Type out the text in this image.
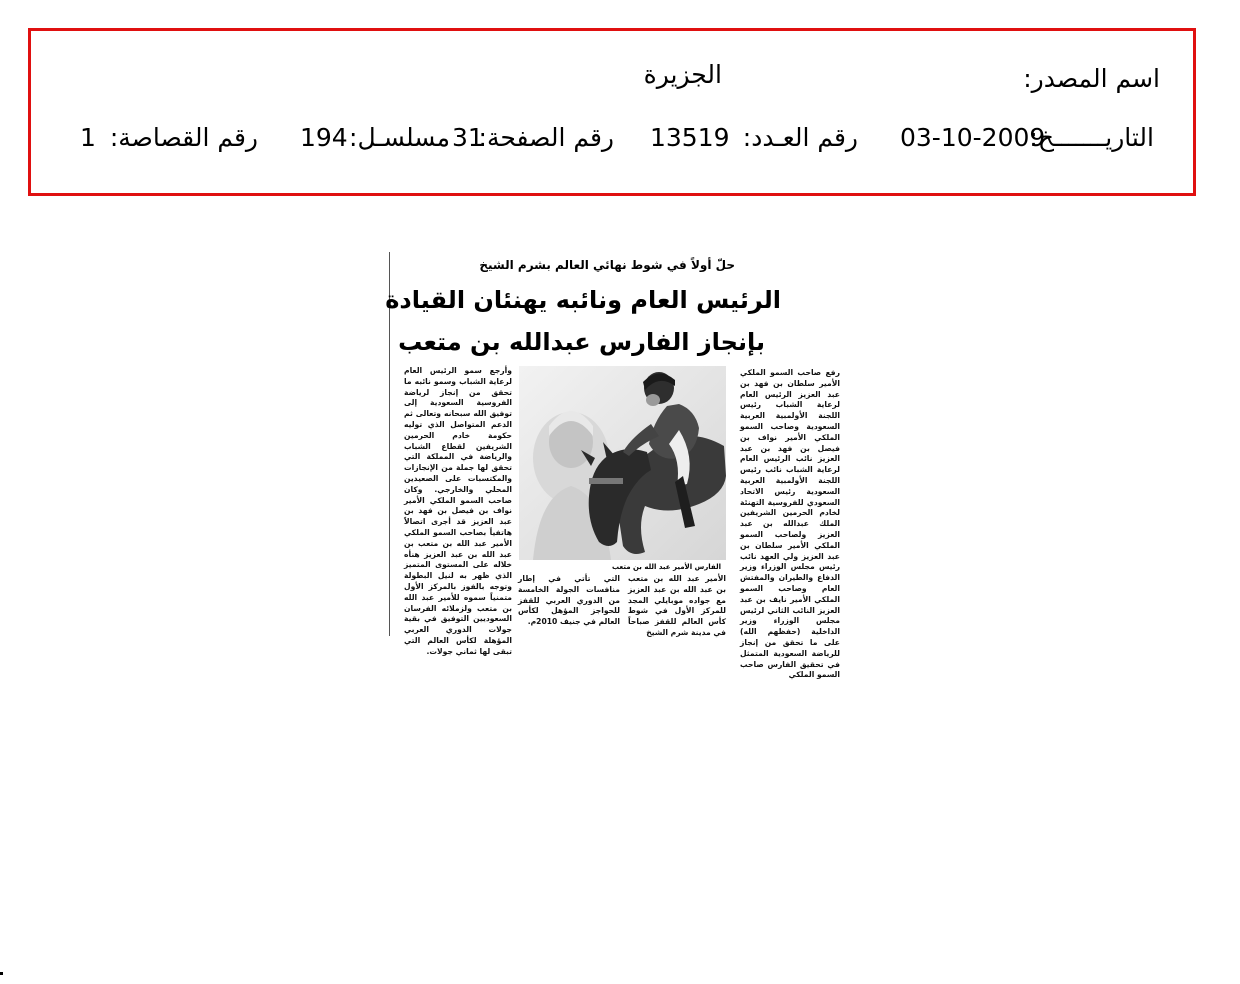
اسم المصدر:
الجزيرة
التاريـــــــخ:
03-10-2009
رقم العـدد:
13519
رقم الصفحة:
31
مسلسـل:
194
رقم القصاصة:
1
حلّ أولاً في شوط نهائي العالم بشرم الشيخ
الرئيس العام ونائبه يهنئان القيادة
بإنجاز الفارس عبدالله بن متعب
رفع صاحب السمو الملكي الأمير سلطان بن فهد بن عبد العزيز الرئيس العام لرعاية الشباب رئيس اللجنة الأولمبية العربية السعودية وصاحب السمو الملكي الأمير نواف بن فيصل بن فهد بن عبد العزيز نائب الرئيس العام لرعاية الشباب نائب رئيس اللجنة الأولمبية العربية السعودية رئيس الاتحاد السعودي للفروسية التهنئة لخادم الحرمين الشريفين الملك عبدالله بن عبد العزيز ولصاحب السمو الملكي الأمير سلطان بن عبد العزيز ولي العهد نائب رئيس مجلس الوزراء وزير الدفاع والطيران والمفتش العام وصاحب السمو الملكي الأمير نايف بن عبد العزيز النائب الثاني لرئيس مجلس الوزراء وزير الداخلية (حفظهم الله) على ما تحقق من إنجاز للرياضة السعودية المتمثل في تحقيق الفارس صاحب السمو الملكي
وأرجع سمو الرئيس العام لرعاية الشباب وسمو نائبه ما تحقق من إنجاز لرياضة الفروسية السعودية إلى توفيق الله سبحانه وتعالى ثم الدعم المتواصل الذي توليه حكومة خادم الحرمين الشريفين لقطاع الشباب والرياضة في المملكة التي تحقق لها جملة من الإنجازات والمكتسبات على الصعيدين المحلي والخارجي. وكان صاحب السمو الملكي الأمير نواف بن فيصل بن فهد بن عبد العزيز قد أجرى اتصالاً هاتفياً بصاحب السمو الملكي الأمير عبد الله بن متعب بن عبد الله بن عبد العزيز هنأه خلاله على المستوى المتميز الذي ظهر به لنيل البطولة وتوجه بالفوز بالمركز الأول متمنياً سموه للأمير عبد الله بن متعب ولزملائه الفرسان السعوديين التوفيق في بقية جولات الدوري العربي المؤهلة لكأس العالم التي تبقى لها ثماني جولات.
الأمير عبد الله بن متعب بن عبد الله بن عبد العزيز مع جواده موبايلي المجد للمركز الأول في شوط كأس العالم للقفز صباحاً في مدينة شرم الشيخ
التي تأتي في إطار منافسات الجولة الخامسة من الدوري العربي للقفز للحواجز المؤهل لكأس العالم في جنيف 2010م.
الفارس الأمير عبد الله بن متعب
